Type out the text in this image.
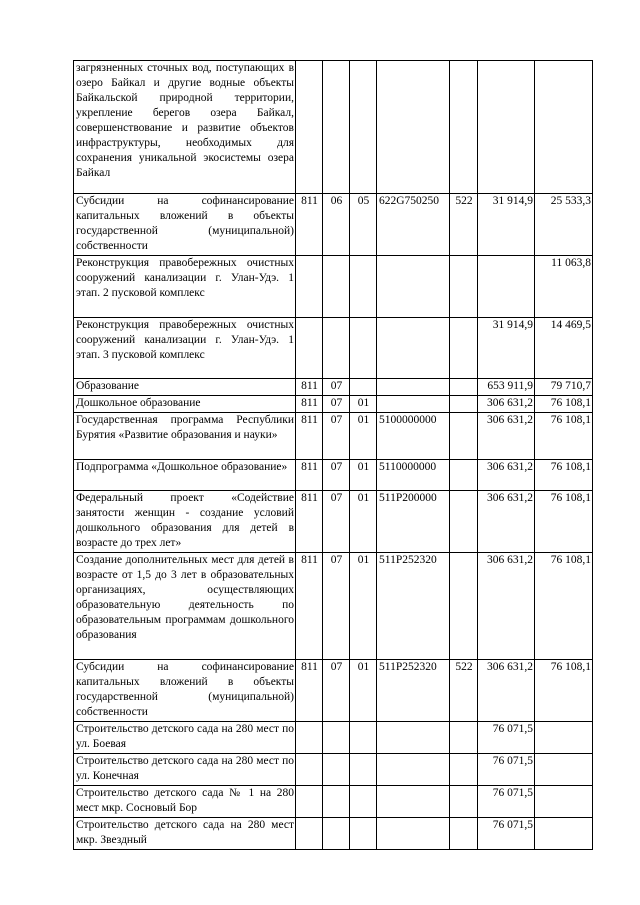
загрязненных сточных вод, поступающих в озеро Байкал и другие водные объекты Байкальской природной территории, укрепление берегов озера Байкал, совершенствование и развитие объектов инфраструктуры, необходимых для сохранения уникальной экосистемы озера Байкал							
Субсидии на софинансирование капитальных вложений в объекты государственной (муниципальной) собственности	811	06	05	622G750250	522	31 914,9	25 533,3
Реконструкция правобережных очистных сооружений канализации г. Улан-Удэ. 1 этап. 2 пусковой комплекс							11 063,8
Реконструкция правобережных очистных сооружений канализации г. Улан-Удэ. 1 этап. 3 пусковой комплекс						31 914,9	14 469,5
Образование	811	07				653 911,9	79 710,7
Дошкольное образование	811	07	01			306 631,2	76 108,1
Государственная программа Республики Бурятия «Развитие образования и науки»	811	07	01	5100000000		306 631,2	76 108,1
Подпрограмма «Дошкольное образование»	811	07	01	5110000000		306 631,2	76 108,1
Федеральный проект «Содействие занятости женщин - создание условий дошкольного образования для детей в возрасте до трех лет»	811	07	01	511P200000		306 631,2	76 108,1
Создание дополнительных мест для детей в возрасте от 1,5 до 3 лет в образовательных организациях, осуществляющих образовательную деятельность по образовательным программам дошкольного образования	811	07	01	511P252320		306 631,2	76 108,1
Субсидии на софинансирование капитальных вложений в объекты государственной (муниципальной) собственности	811	07	01	511P252320	522	306 631,2	76 108,1
Строительство детского сада на 280 мест по ул. Боевая						76 071,5	
Строительство детского сада на 280 мест по ул. Конечная						76 071,5	
Строительство детского сада № 1 на 280 мест мкр. Сосновый Бор						76 071,5	
Строительство детского сада на 280 мест мкр. Звездный						76 071,5	
